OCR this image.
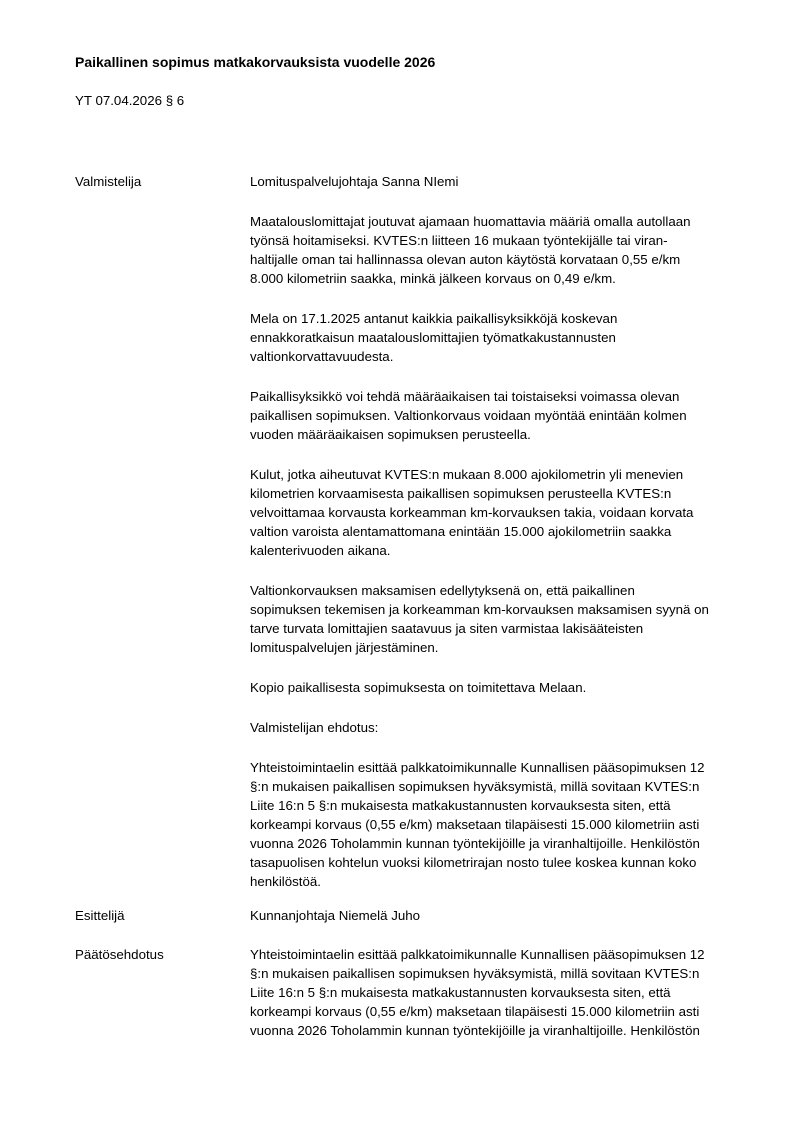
Paikallinen sopimus matkakorvauksista vuodelle 2026

YT 07.04.2026 § 6

Valmistelija	Lomituspalvelujohtaja Sanna NIemi

Maatalouslomittajat joutuvat ajamaan huomattavia määriä omalla autollaan
työnsä hoitamiseksi. KVTES:n liitteen 16 mukaan työntekijälle tai viran-
haltijalle oman tai hallinnassa olevan auton käytöstä korvataan 0,55 e/km
8.000 kilometriin saakka, minkä jälkeen korvaus on 0,49 e/km.

Mela on 17.1.2025 antanut kaikkia paikallisyksikköjä koskevan
ennakkoratkaisun maatalouslomittajien työmatkakustannusten
valtionkorvattavuudesta.

Paikallisyksikkö voi tehdä määräaikaisen tai toistaiseksi voimassa olevan
paikallisen sopimuksen. Valtionkorvaus voidaan myöntää enintään kolmen
vuoden määräaikaisen sopimuksen perusteella.

Kulut, jotka aiheutuvat KVTES:n mukaan 8.000 ajokilometrin yli menevien
kilometrien korvaamisesta paikallisen sopimuksen perusteella KVTES:n
velvoittamaa korvausta korkeamman km-korvauksen takia, voidaan korvata
valtion varoista alentamattomana enintään 15.000 ajokilometriin saakka
kalenterivuoden aikana.

Valtionkorvauksen maksamisen edellytyksenä on, että paikallinen
sopimuksen tekemisen ja korkeamman km-korvauksen maksamisen syynä on
tarve turvata lomittajien saatavuus ja siten varmistaa lakisääteisten
lomituspalvelujen järjestäminen.

Kopio paikallisesta sopimuksesta on toimitettava Melaan.

Valmistelijan ehdotus:

Yhteistoimintaelin esittää palkkatoimikunnalle Kunnallisen pääsopimuksen 12
§:n mukaisen paikallisen sopimuksen hyväksymistä, millä sovitaan KVTES:n
Liite 16:n 5 §:n mukaisesta matkakustannusten korvauksesta siten, että
korkeampi korvaus (0,55 e/km) maksetaan tilapäisesti 15.000 kilometriin asti
vuonna 2026 Toholammin kunnan työntekijöille ja viranhaltijoille. Henkilöstön
tasapuolisen kohtelun vuoksi kilometrirajan nosto tulee koskea kunnan koko
henkilöstöä.

Esittelijä	Kunnanjohtaja Niemelä Juho

Päätösehdotus	Yhteistoimintaelin esittää palkkatoimikunnalle Kunnallisen pääsopimuksen 12
§:n mukaisen paikallisen sopimuksen hyväksymistä, millä sovitaan KVTES:n
Liite 16:n 5 §:n mukaisesta matkakustannusten korvauksesta siten, että
korkeampi korvaus (0,55 e/km) maksetaan tilapäisesti 15.000 kilometriin asti
vuonna 2026 Toholammin kunnan työntekijöille ja viranhaltijoille. Henkilöstön
